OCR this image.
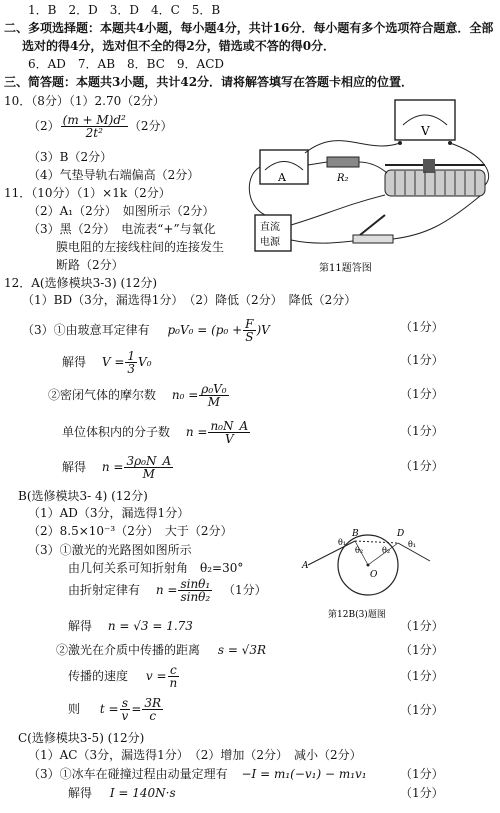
1．B　2．D　3．D　4．C　5．B
二、多项选择题：本题共4小题，每小题4分，共计16分．每小题有多个选项符合题意．全部
选对的得4分，选对但不全的得2分，错选或不答的得0分．
6．AD　7．AB　8．BC　9．ACD
三、简答题：本题共3小题，共计42分．请将解答填写在答题卡相应的位置．
10．（8分）（1）2.70（2分）
$(2) \frac{\text{(m + M)d²}}{\text{2t²}} (2$分）
（3）B（2分）
（4）气垫导轨右端偏高（2分）
11．（10分）（1）×1k（2分）
（2）A₁（2分）　如图所示（2分）
（3）黑（2分）　电流表“+”与氧化
膜电阻的左接线柱间的连接发生
断路（2分）
V
A	R₂
直流
电源
第11题答图
12．A(选修模块3-3) (12分)
（1）BD（3分，漏选得1分）　（2）降低（2分）　降低（2分）
（3）①由玻意耳定律有 $p_0V_0 = (p_0 + \frac{F}{S} )V$	（1分）
解得 $V = \frac{1}{3} V_0$	（1分）
②密闭气体的摩尔数 $n_0 = \frac{\text{ρ₀V₀}}{M}$	（1分）
单位体积内的分子数 $n = \frac{\text{n₀N\_A}}{V}$	（1分）
解得 $n = \frac{\text{3ρ₀N\_A}}{M}$	（1分）
B(选修模块3- 4) (12分)
（1）AD（3分，漏选得1分）
（2）8.5×10⁻³（2分）　大于（2分）
（3）①激光的光路图如图所示
由几何关系可知折射角　θ₂=30°
由折射定律有 $n = \frac{\text{sinθ₁}}{\text{sinθ₂}} (1$分）
解得 n = √3 = 1.73	（1分）
②激光在介质中传播的距离 s = √3R	（1分）
传播的速度 $v = \frac{c}{n}$	（1分）
则 $t = \frac{s}{v} = \frac{3R}{c}$	（1分）
A
B	D
O
θ₁
θ₂ θ₂
θ₁
第12B(3)题图
C(选修模块3-5) (12分)
（1）AC（3分，漏选得1分）　（2）增加（2分）　减小（2分）
（3）①冰车在碰撞过程由动量定理有 −I = m₁(−v₁) − m₁v₁	（1分）
解得 I = 140N·s	（1分）
